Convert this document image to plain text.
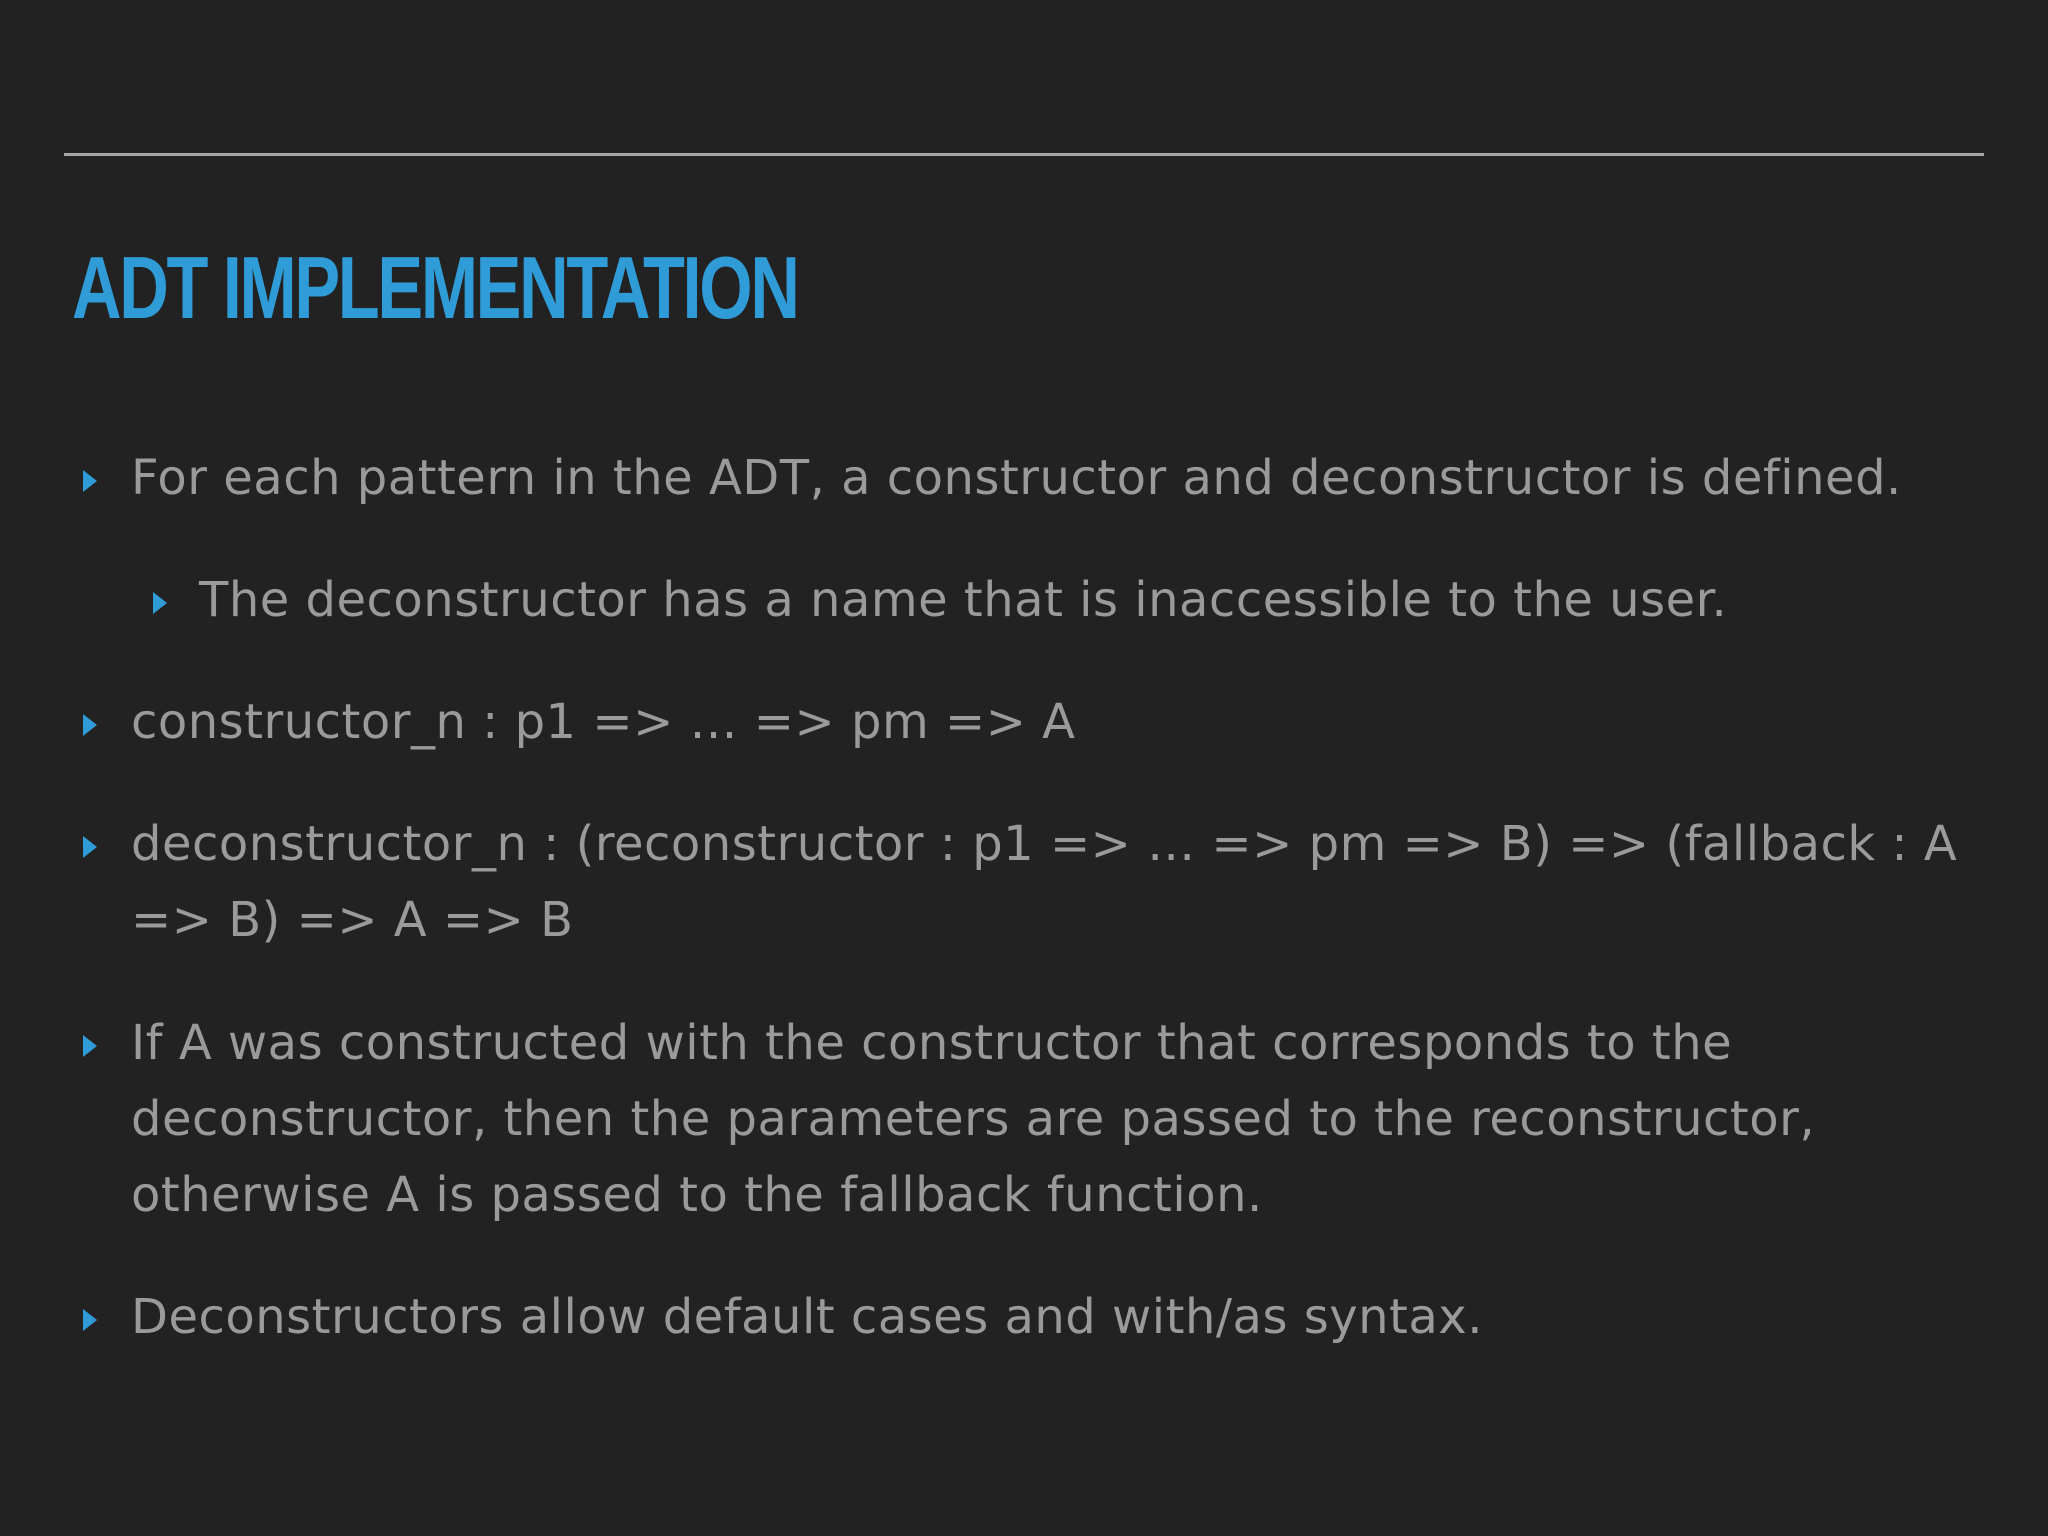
ADT IMPLEMENTATION
For each pattern in the ADT, a constructor and deconstructor is defined.
The deconstructor has a name that is inaccessible to the user.
constructor_n : p1 => … => pm => A
deconstructor_n : (reconstructor : p1 => … => pm => B) => (fallback : A => B) => A => B
If A was constructed with the constructor that corresponds to the deconstructor, then the parameters are passed to the reconstructor, otherwise A is passed to the fallback function.
Deconstructors allow default cases and with/as syntax.
